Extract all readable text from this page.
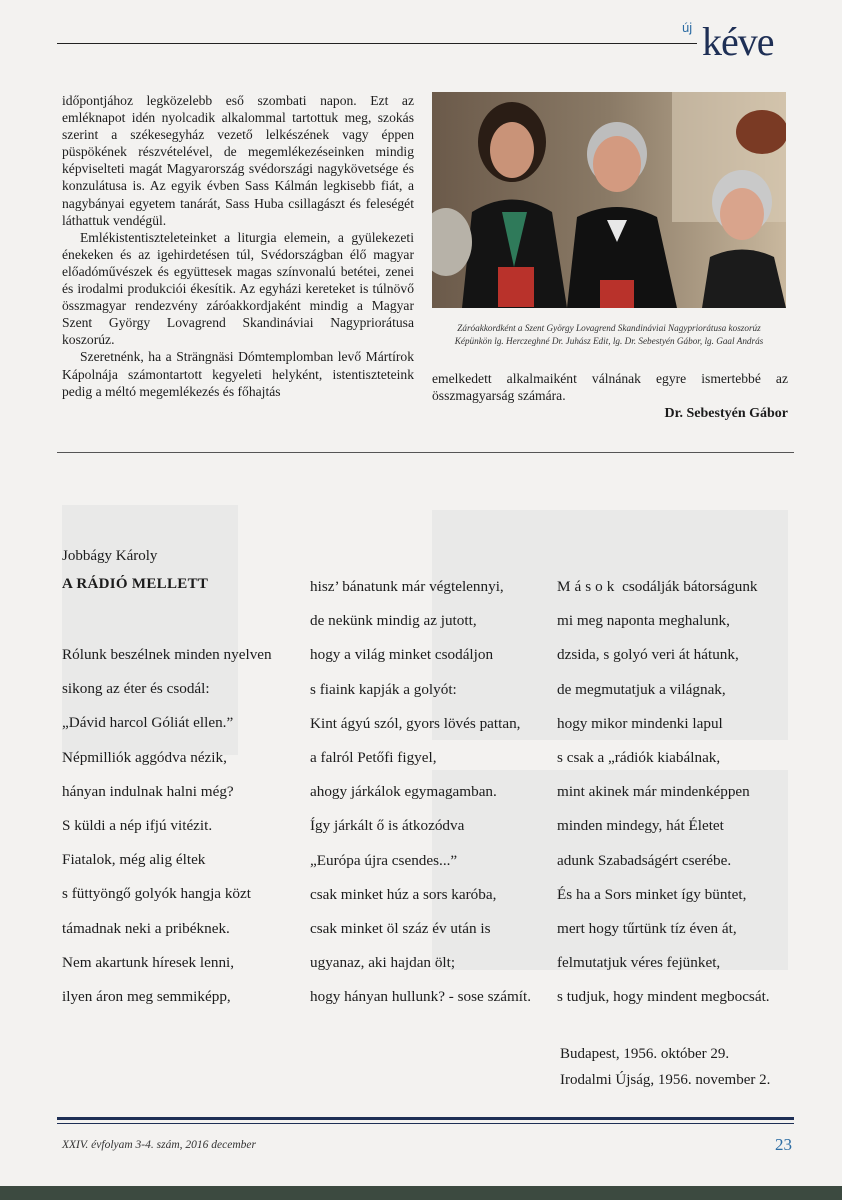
új kéve

időpontjához legközelebb eső szombati napon. Ezt az emléknapot idén nyolcadik alkalommal tartottuk meg, szokás szerint a székesegyház vezető lelkészének vagy éppen püspökének részvételével, de megemlékezéseinken mindig képviselteti magát Magyarország svédországi nagykövetsége és konzulátusa is. Az egyik évben Sass Kálmán legkisebb fiát, a nagybányai egyetem tanárát, Sass Huba csillagászt és feleségét láthattuk vendégül.

Emlékistentiszteleteinket a liturgia elemein, a gyülekezeti énekeken és az igehirdetésen túl, Svédországban élő magyar előadóművészek és együttesek magas színvonalú betétei, zenei és irodalmi produkciói ékesítik. Az egyházi kereteket is túlnövő összmagyar rendezvény záróakkordjaként mindig a Magyar Szent György Lovagrend Skandináviai Nagypriorátusa koszorúz.

Szeretnénk, ha a Strängnäsi Dómtemplomban levő Mártírok Kápolnája számontartott kegyeleti helyként, istentiszteteink pedig a méltó megemlékezés és főhajtás

Záróakkordként a Szent György Lovagrend Skandináviai Nagypriorátusa koszorúz
Képünkön lg. Herczeghné Dr. Juhász Edit, lg. Dr. Sebestyén Gábor, lg. Gaal András

emelkedett alkalmaiként válnának egyre ismertebbé az összmagyarság számára.

Dr. Sebestyén Gábor
Jobbágy Károly
A RÁDIÓ MELLETT
Rólunk beszélnek minden nyelven
sikong az éter és csodál:
„Dávid harcol Góliát ellen.”
Népmilliók aggódva nézik,
hányan indulnak halni még?
S küldi a nép ifjú vitézit.
Fiatalok, még alig éltek
s füttyöngő golyók hangja közt
támadnak neki a pribéknek.
Nem akartunk híresek lenni,
ilyen áron meg semmiképp,
hisz’ bánatunk már végtelennyi,
de nekünk mindig az jutott,
hogy a világ minket csodáljon
s fiaink kapják a golyót:
Kint ágyú szól, gyors lövés pattan,
a falról Petőfi figyel,
ahogy járkálok egymagamban.
Így járkált ő is átkozódva
„Európa újra csendes...”
csak minket húz a sors karóba,
csak minket öl száz év után is
ugyanaz, aki hajdan ölt;
hogy hányan hullunk? - sose számít.
Mások csodálják bátorságunk
mi meg naponta meghalunk,
dzsida, s golyó veri át hátunk,
de megmutatjuk a világnak,
hogy mikor mindenki lapul
s csak a „rádiók kiabálnak,
mint akinek már mindenképpen
minden mindegy, hát Életet
adunk Szabadságért cserébe.
És ha a Sors minket így büntet,
mert hogy tűrtünk tíz éven át,
felmutatjuk véres fejünket,
s tudjuk, hogy mindent megbocsát.
Budapest, 1956. október 29.
Irodalmi Újság, 1956. november 2.
XXIV. évfolyam 3-4. szám, 2016 december	23
